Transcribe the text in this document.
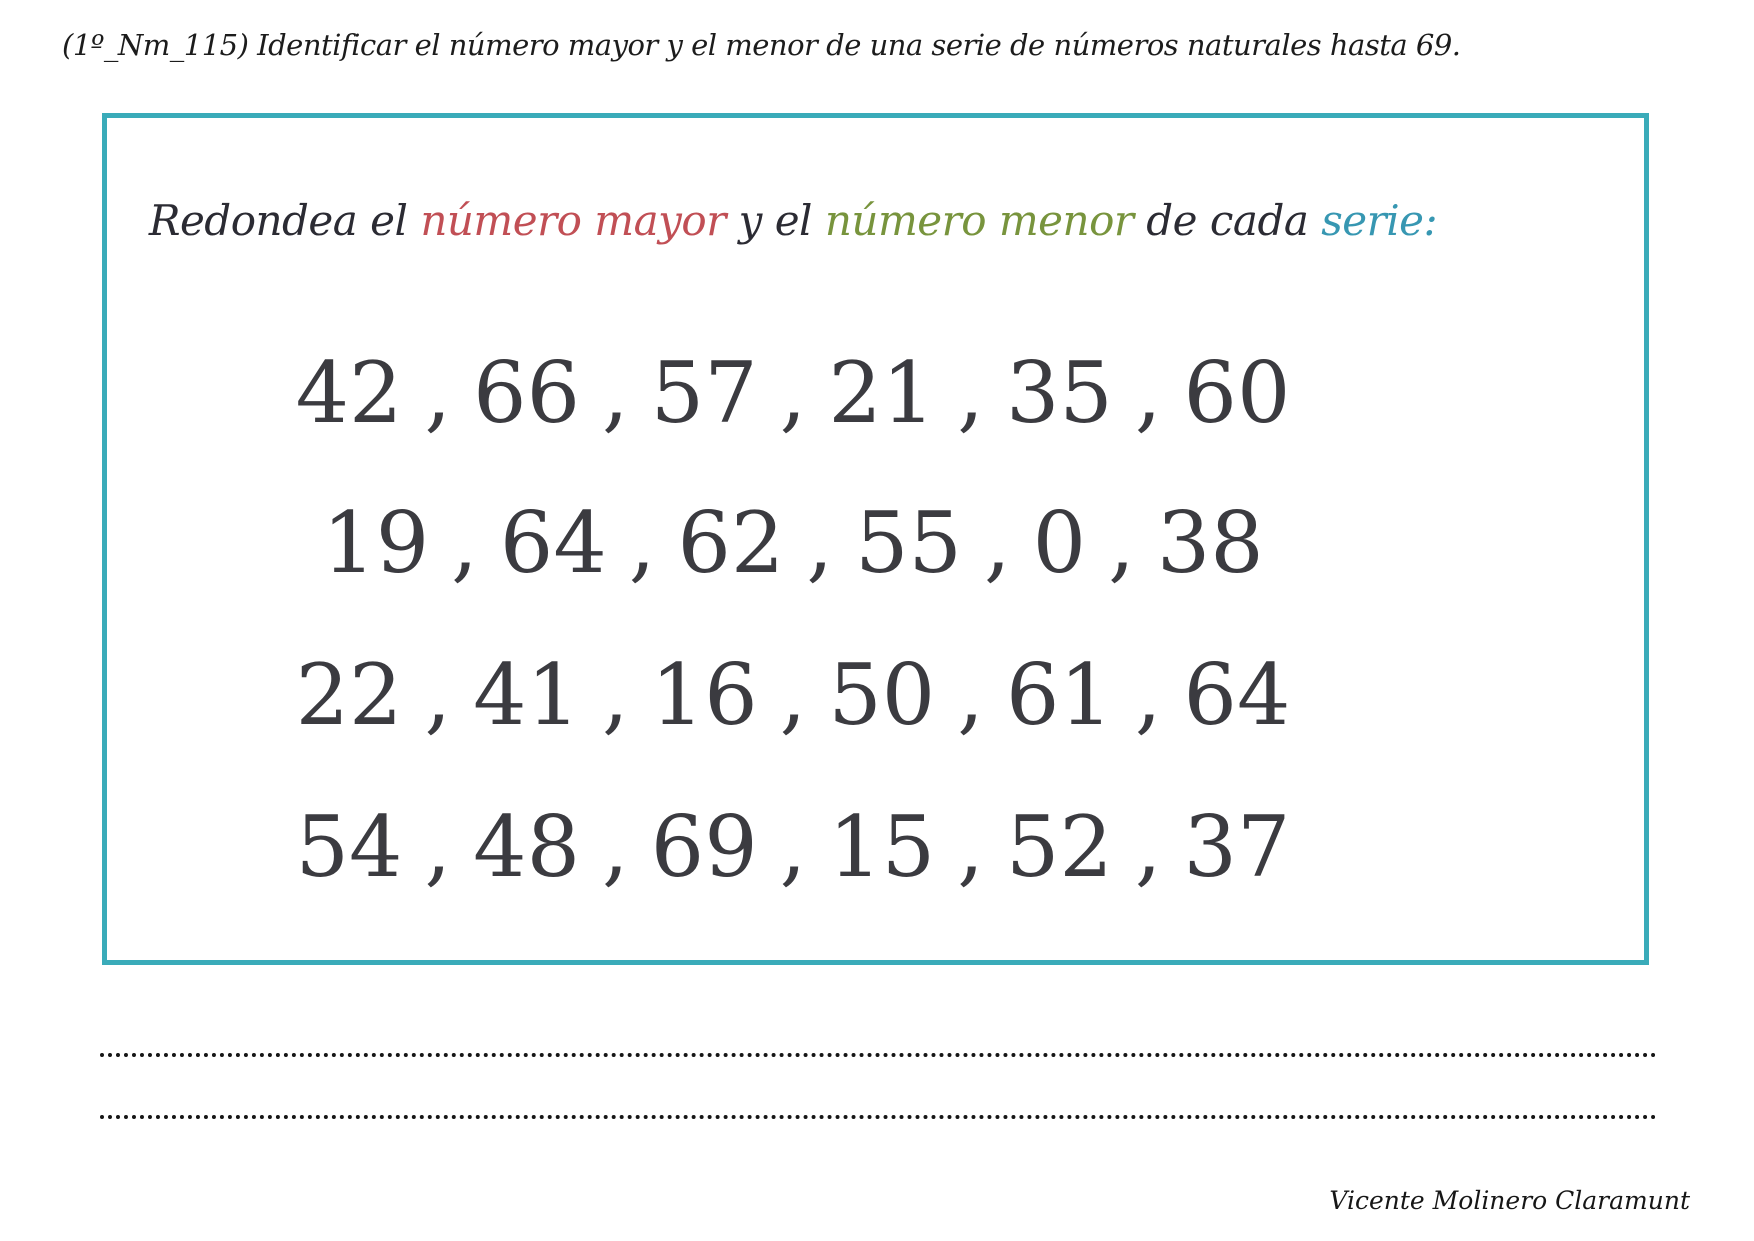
(1º_Nm_115) Identificar el número mayor y el menor de una serie de números naturales hasta 69.
Redondea el número mayor y el número menor de cada serie:
42 , 66 , 57 , 21 , 35 , 60
19 , 64 , 62 , 55 , 0 , 38
22 , 41 , 16 , 50 , 61 , 64
54 , 48 , 69 , 15 , 52 , 37
Vicente Molinero Claramunt
